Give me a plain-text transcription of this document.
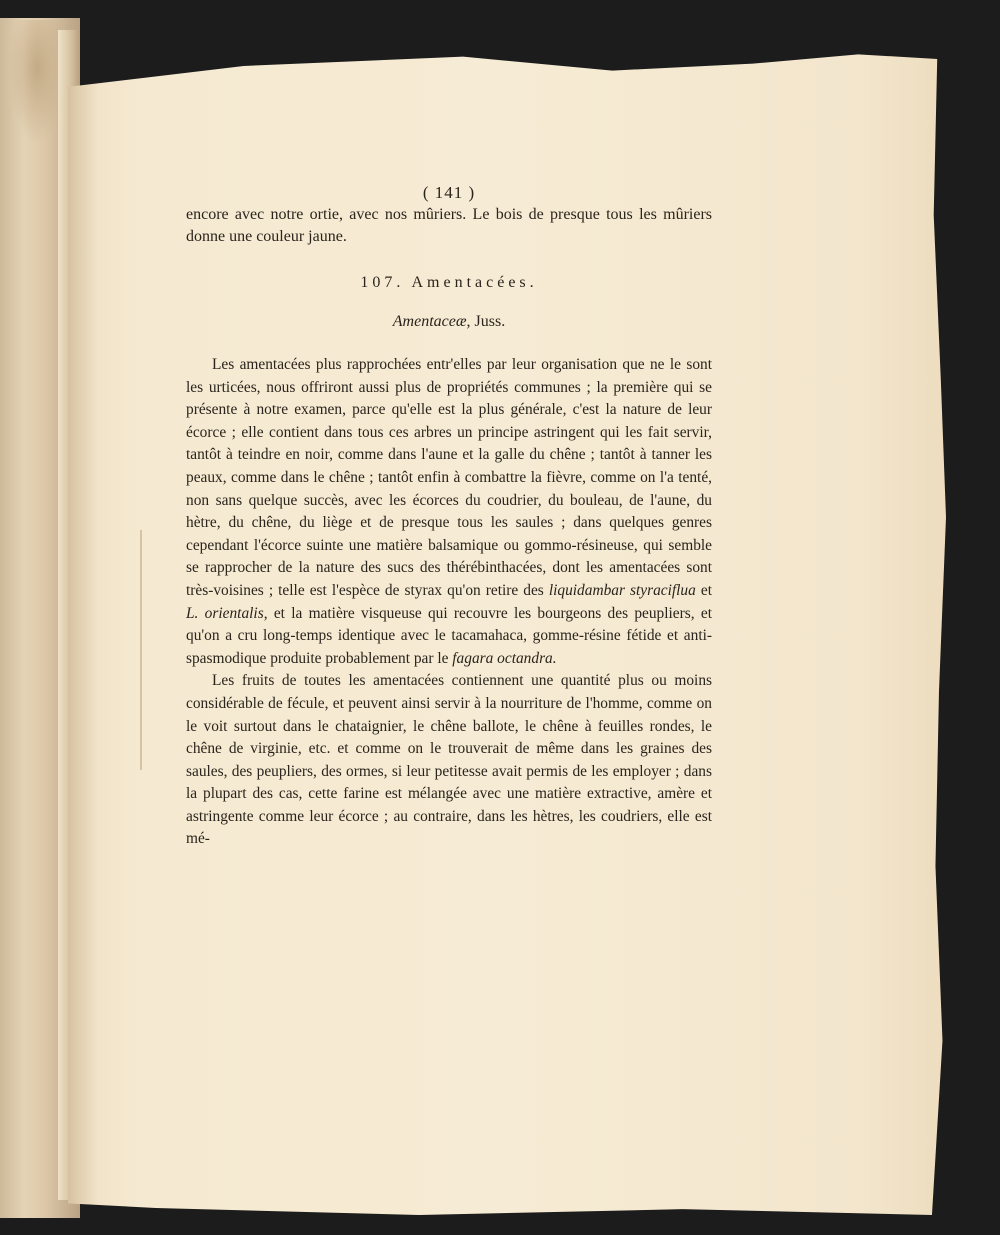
( 141 )

encore avec notre ortie, avec nos mûriers. Le bois de presque tous les mûriers donne une couleur jaune.

107. Amentacées.

Amentaceæ, Juss.

Les amentacées plus rapprochées entr'elles par leur organisation que ne le sont les urticées, nous offriront aussi plus de propriétés communes ; la première qui se présente à notre examen, parce qu'elle est la plus générale, c'est la nature de leur écorce ; elle contient dans tous ces arbres un principe astringent qui les fait servir, tantôt à teindre en noir, comme dans l'aune et la galle du chêne ; tantôt à tanner les peaux, comme dans le chêne ; tantôt enfin à combattre la fièvre, comme on l'a tenté, non sans quelque succès, avec les écorces du coudrier, du bouleau, de l'aune, du hètre, du chêne, du liège et de presque tous les saules ; dans quelques genres cependant l'écorce suinte une matière balsamique ou gommo-résineuse, qui semble se rapprocher de la nature des sucs des thérébinthacées, dont les amentacées sont très-voisines ; telle est l'espèce de styrax qu'on retire des liquidambar styraciflua et L. orientalis, et la matière visqueuse qui recouvre les bourgeons des peupliers, et qu'on a cru long-temps identique avec le tacamahaca, gomme-résine fétide et anti-spasmodique produite probablement par le fagara octandra.

Les fruits de toutes les amentacées contiennent une quantité plus ou moins considérable de fécule, et peuvent ainsi servir à la nourriture de l'homme, comme on le voit surtout dans le chataignier, le chêne ballote, le chêne à feuilles rondes, le chêne de virginie, etc. et comme on le trouverait de même dans les graines des saules, des peupliers, des ormes, si leur petitesse avait permis de les employer ; dans la plupart des cas, cette farine est mélangée avec une matière extractive, amère et astringente comme leur écorce ; au contraire, dans les hètres, les coudriers, elle est mé-
